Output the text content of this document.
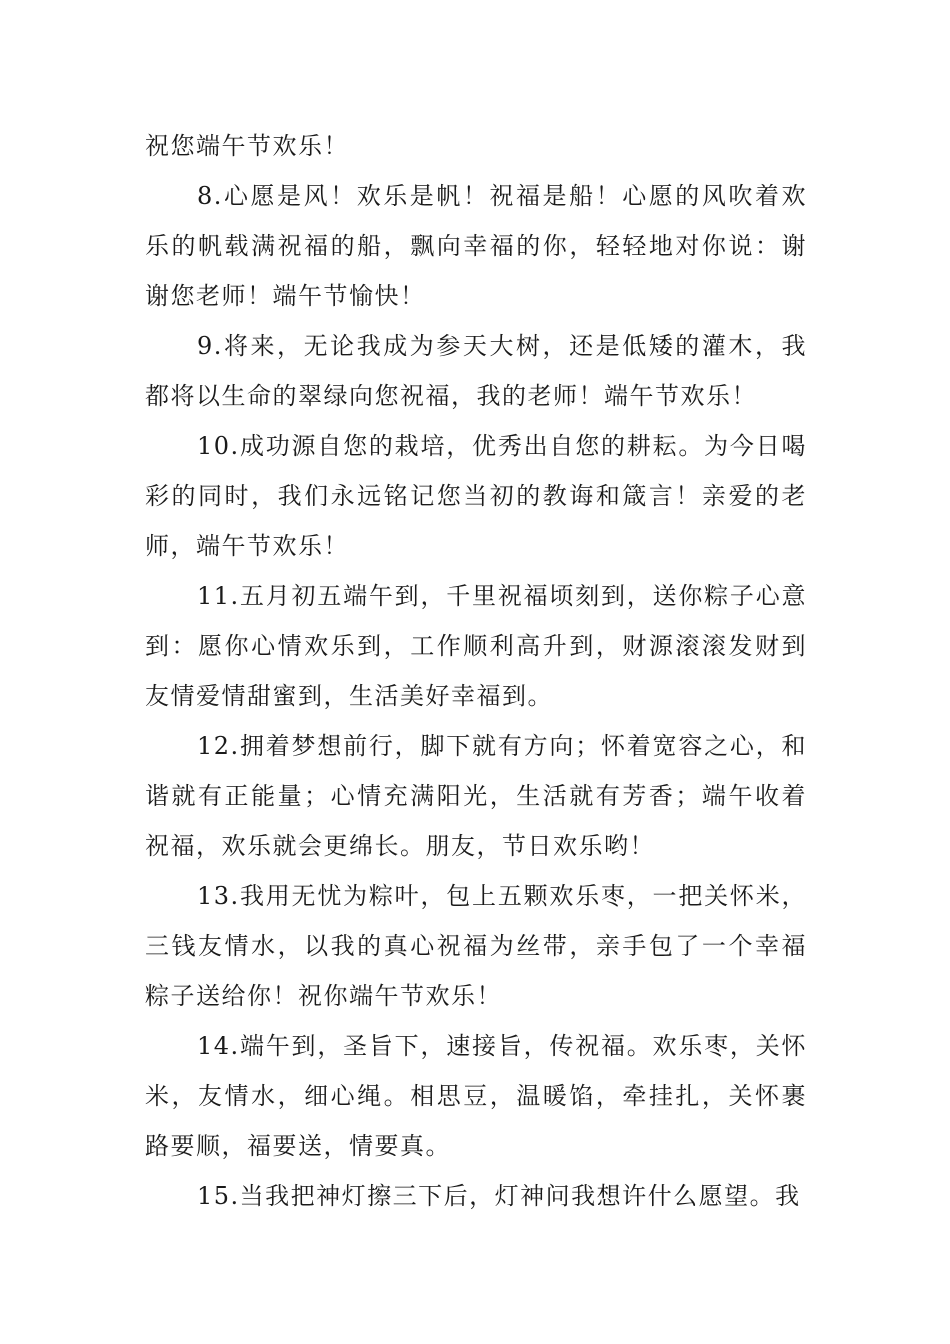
祝您端午节欢乐！

8.心愿是风！欢乐是帆！祝福是船！心愿的风吹着欢乐的帆载满祝福的船，飘向幸福的你，轻轻地对你说：谢谢您老师！端午节愉快！

9.将来，无论我成为参天大树，还是低矮的灌木，我都将以生命的翠绿向您祝福，我的老师！端午节欢乐！

10.成功源自您的栽培，优秀出自您的耕耘。为今日喝彩的同时，我们永远铭记您当初的教诲和箴言！亲爱的老师，端午节欢乐！

11.五月初五端午到，千里祝福顷刻到，送你粽子心意到：愿你心情欢乐到，工作顺利高升到，财源滚滚发财到友情爱情甜蜜到，生活美好幸福到。

12.拥着梦想前行，脚下就有方向；怀着宽容之心，和谐就有正能量；心情充满阳光，生活就有芳香；端午收着祝福，欢乐就会更绵长。朋友，节日欢乐哟！

13.我用无忧为粽叶，包上五颗欢乐枣，一把关怀米，三钱友情水，以我的真心祝福为丝带，亲手包了一个幸福粽子送给你！祝你端午节欢乐！

14.端午到，圣旨下，速接旨，传祝福。欢乐枣，关怀米，友情水，细心绳。相思豆，温暖馅，牵挂扎，关怀裹路要顺，福要送，情要真。

15.当我把神灯擦三下后，灯神问我想许什么愿望。我
